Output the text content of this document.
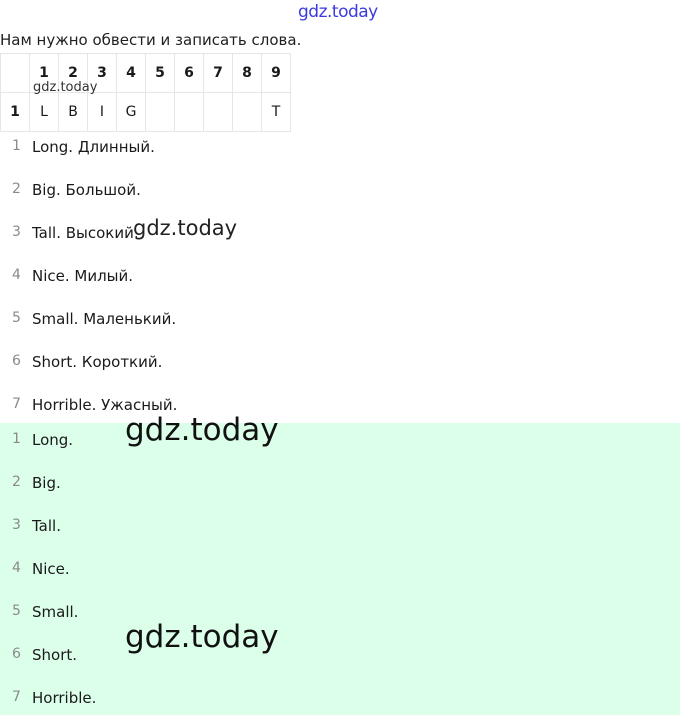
Нам нужно обвести и записать слова.
	1	2	3	4	5	6	7	8	9
1	L	B	I	G					T
1 Long. Длинный.
2 Big. Большой.
3 Tall. Высокий.
4 Nice. Милый.
5 Small. Маленький.
6 Short. Короткий.
7 Horrible. Ужасный.
1 Long.
2 Big.
3 Tall.
4 Nice.
5 Small.
6 Short.
7 Horrible.
gdz.today
gdz.today
gdz.today
gdz.today
gdz.today
